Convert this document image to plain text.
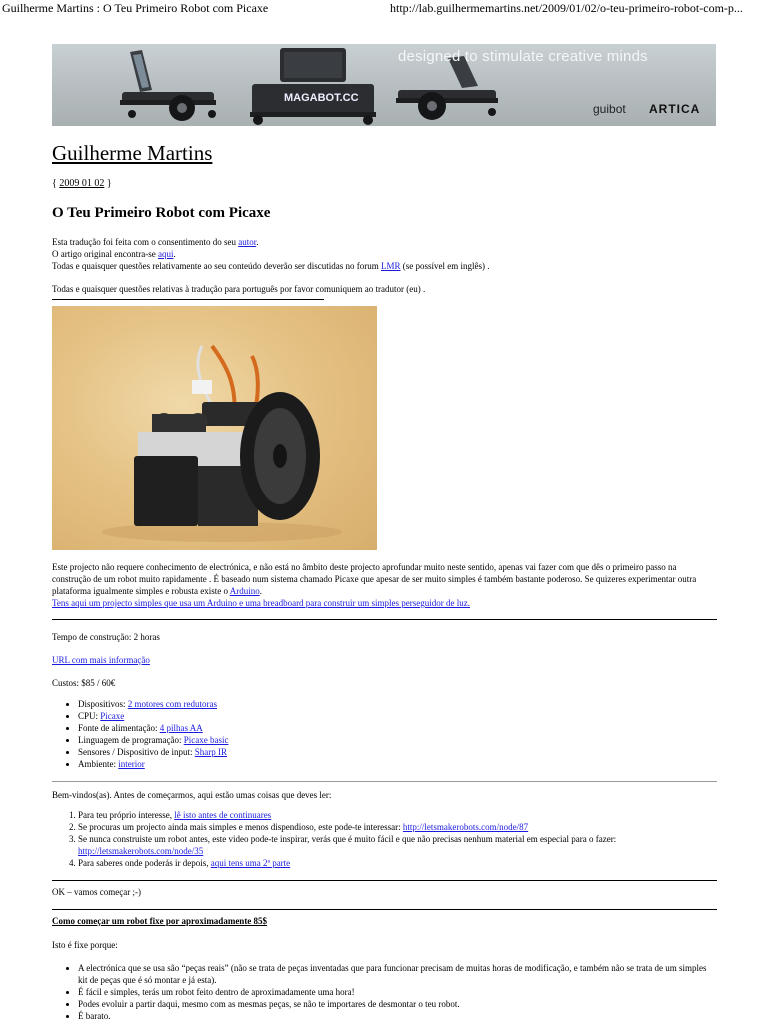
Guilherme Martins : O Teu Primeiro Robot com Picaxe	http://lab.guilhermemartins.net/2009/01/02/o-teu-primeiro-robot-com-p...
MAGABOT.CC
designed to stimulate creative minds
guibot ARTICA
Guilherme Martins
{ 2009 01 02 }
O Teu Primeiro Robot com Picaxe
Esta tradução foi feita com o consentimento do seu autor.
O artigo original encontra-se aqui.
Todas e quaisquer questões relativamente ao seu conteúdo deverão ser discutidas no forum LMR (se possível em inglês) .
Todas e quaisquer questões relativas à tradução para português por favor comuniquem ao tradutor (eu) .
Este projecto não requere conhecimento de electrónica, e não está no âmbito deste projecto aprofundar muito neste sentido, apenas vai fazer com que dês o primeiro passo na construção de um robot muito rapidamente . É baseado num sistema chamado Picaxe que apesar de ser muito simples é também bastante poderoso. Se quizeres experimentar outra plataforma igualmente simples e robusta existe o Arduino.
Tens aqui um projecto simples que usa um Arduino e uma breadboard para construir um simples perseguidor de luz.
Tempo de construção: 2 horas
URL com mais informação
Custos: $85 / 60€
• Dispositivos: 2 motores com redutoras
• CPU: Picaxe
• Fonte de alimentação: 4 pilhas AA
• Linguagem de programação: Picaxe basic
• Sensores / Dispositivo de input: Sharp IR
• Ambiente: interior
Bem-vindos(as). Antes de começarmos, aqui estão umas coisas que deves ler:
1. Para teu próprio interesse, lê isto antes de continuares
2. Se procuras um projecto ainda mais simples e menos dispendioso, este pode-te interessar: http://letsmakerobots.com/node/87
3. Se nunca construiste um robot antes, este video pode-te inspirar, verás que é muito fácil e que não precisas nenhum material em especial para o fazer: http://letsmakerobots.com/node/35
4. Para saberes onde poderás ir depois, aqui tens uma 2ª parte
OK – vamos começar ;-)
Como começar um robot fixe por aproximadamente 85$
Isto é fixe porque:
• A electrónica que se usa são “peças reais” (não se trata de peças inventadas que para funcionar precisam de muitas horas de modificação, e também não se trata de um simples kit de peças que é só montar e já esta).
• É fácil e simples, terás um robot feito dentro de aproximadamente uma hora!
• Podes evoluir a partir daqui, mesmo com as mesmas peças, se não te importares de desmontar o teu robot.
• É barato.
